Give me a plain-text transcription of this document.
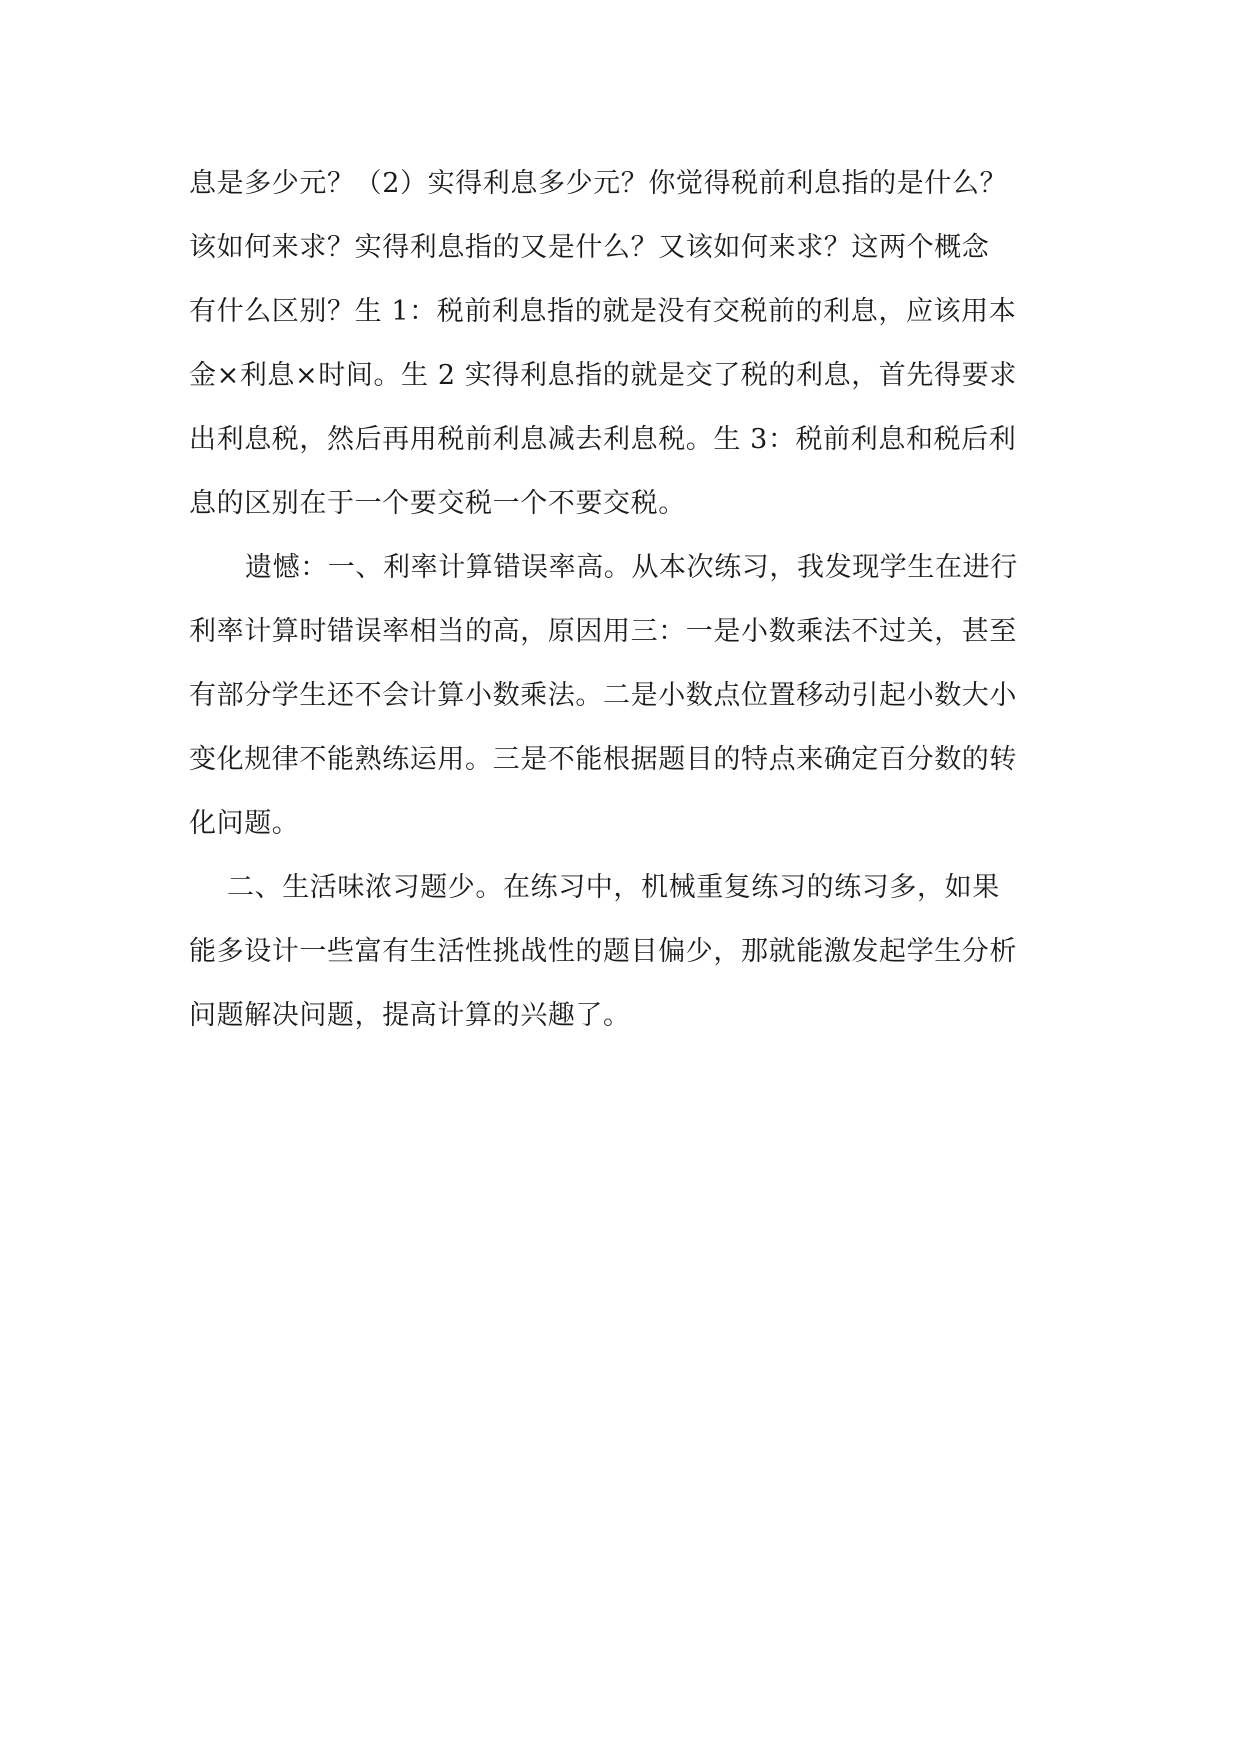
息是多少元？（2）实得利息多少元？你觉得税前利息指的是什么？
该如何来求？实得利息指的又是什么？又该如何来求？这两个概念
有什么区别？生 1：税前利息指的就是没有交税前的利息，应该用本
金×利息×时间。生 2 实得利息指的就是交了税的利息，首先得要求
出利息税，然后再用税前利息减去利息税。生 3：税前利息和税后利
息的区别在于一个要交税一个不要交税。
遗憾：一、利率计算错误率高。从本次练习，我发现学生在进行
利率计算时错误率相当的高，原因用三：一是小数乘法不过关，甚至
有部分学生还不会计算小数乘法。二是小数点位置移动引起小数大小
变化规律不能熟练运用。三是不能根据题目的特点来确定百分数的转
化问题。
二、生活味浓习题少。在练习中，机械重复练习的练习多，如果
能多设计一些富有生活性挑战性的题目偏少，那就能激发起学生分析
问题解决问题，提高计算的兴趣了。
